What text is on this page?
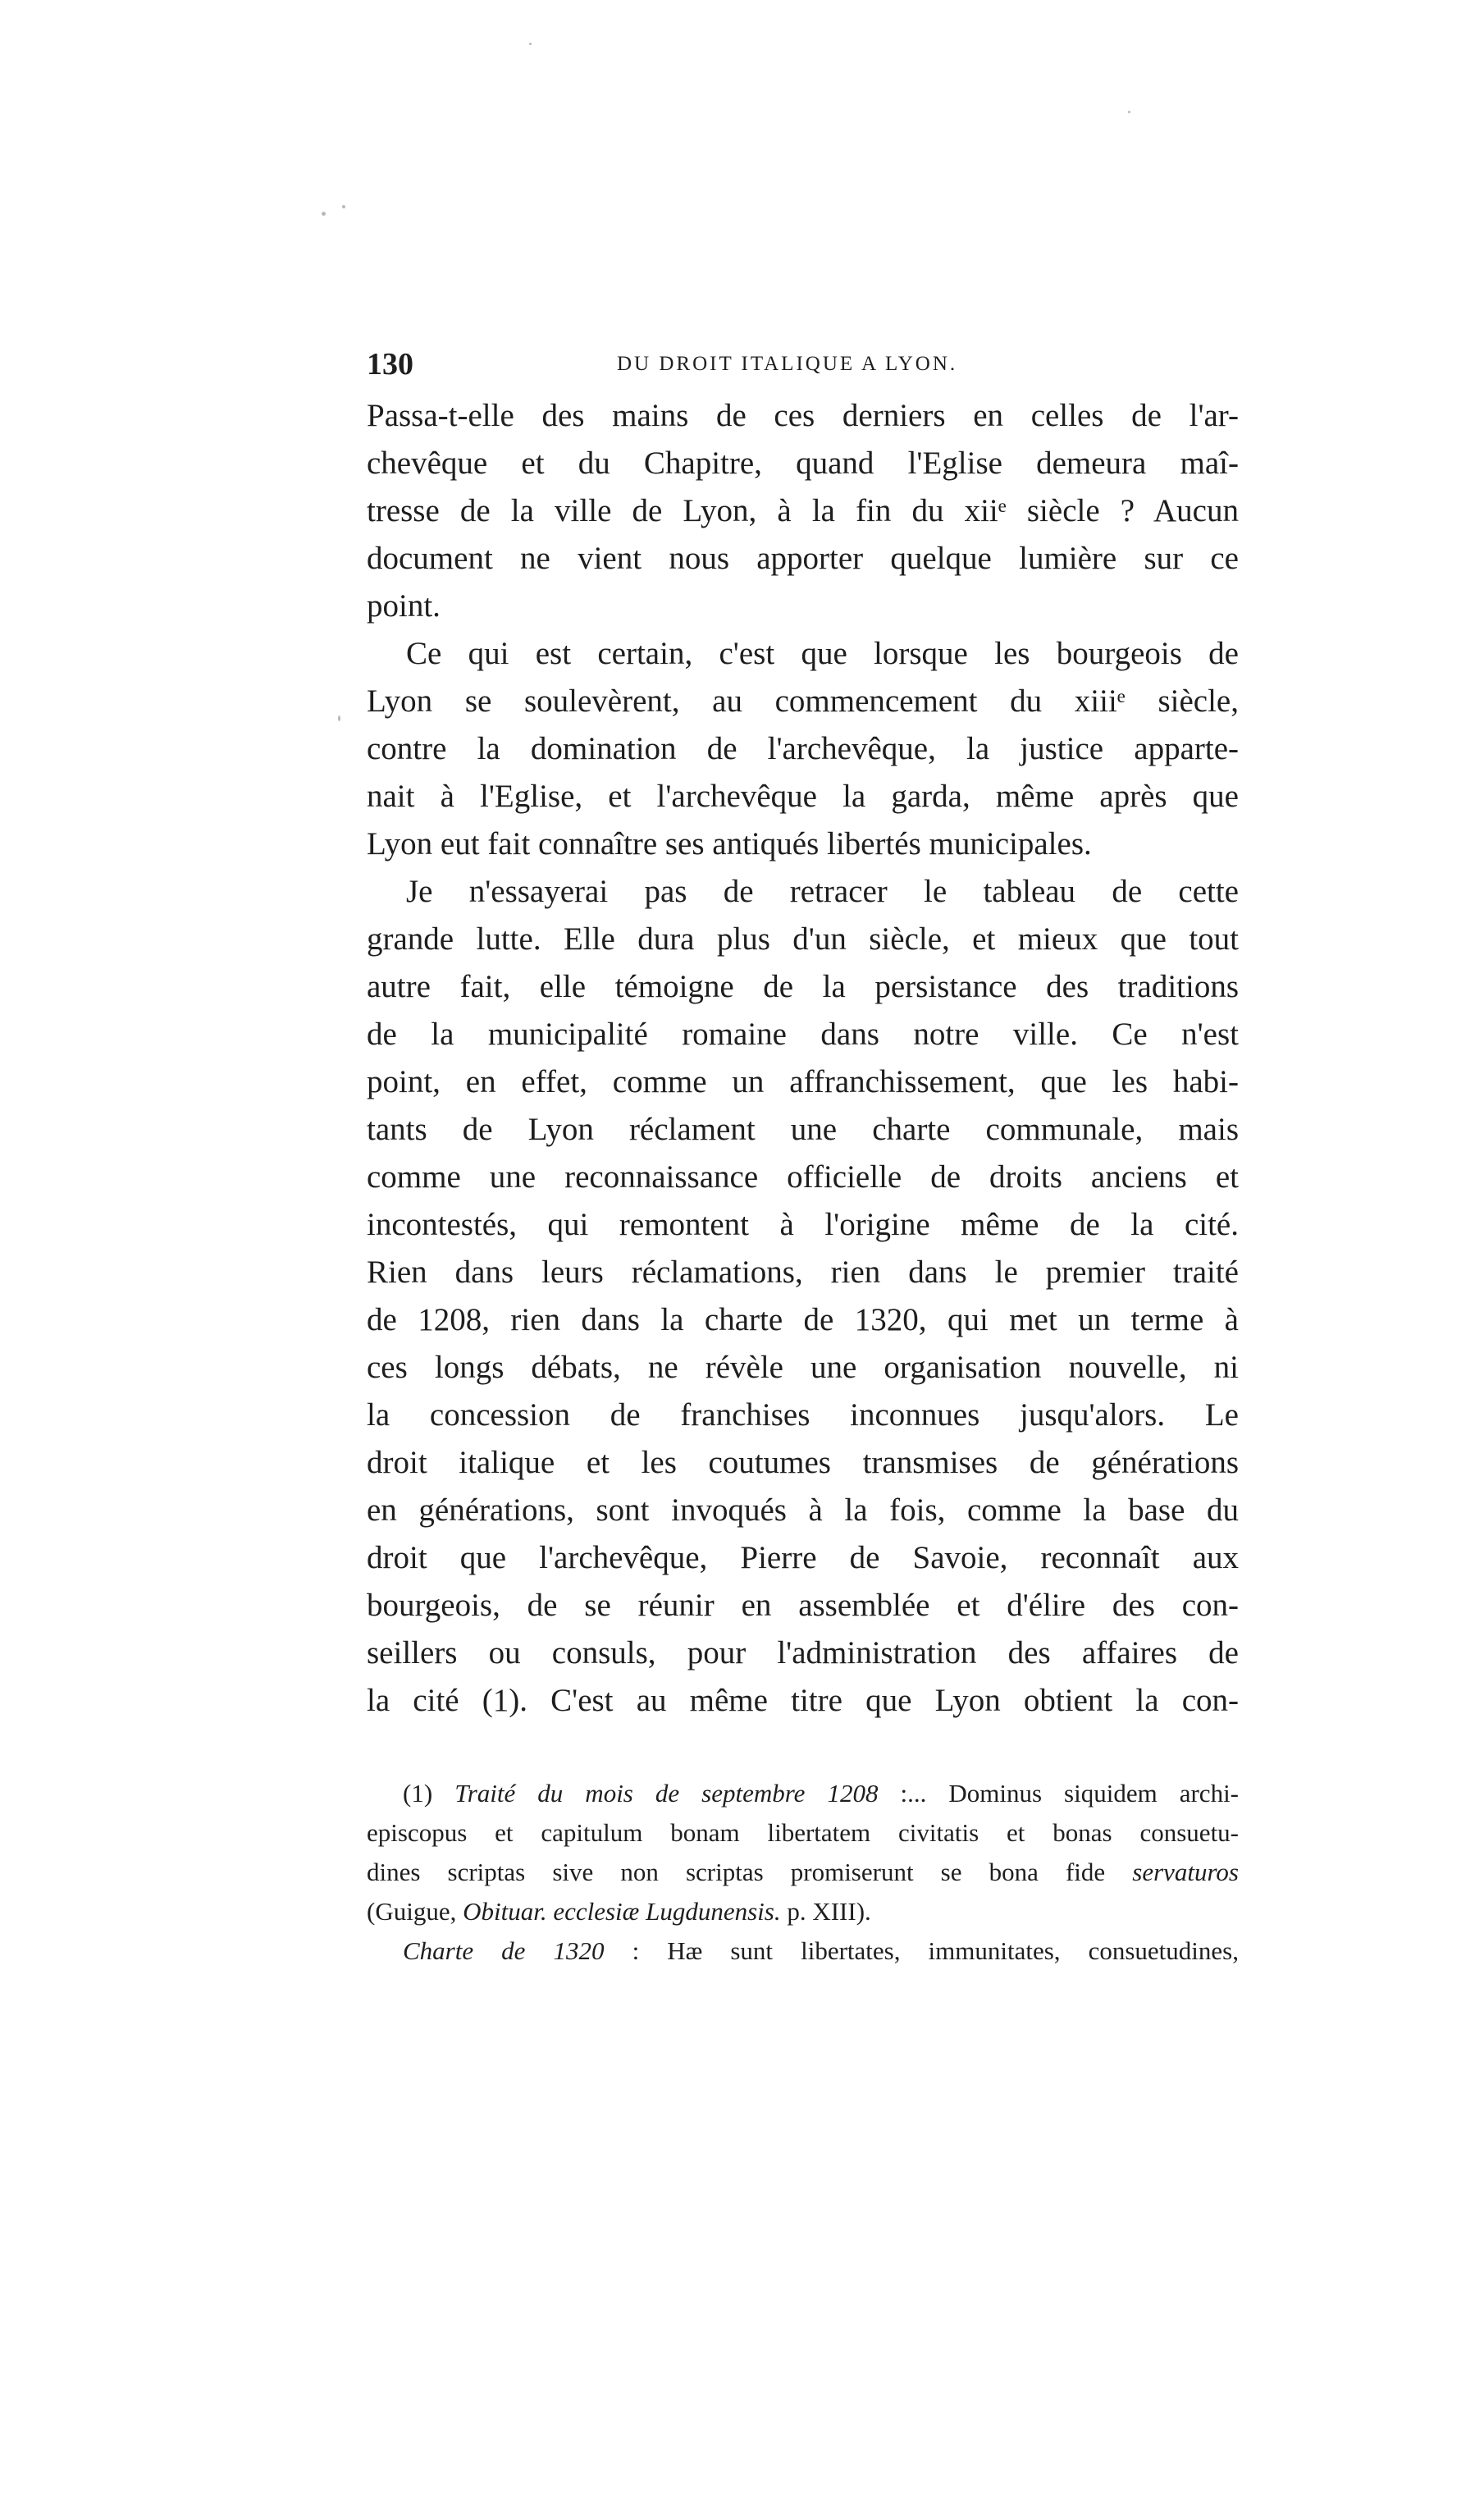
130	DU DROIT ITALIQUE A LYON.
Passa-t-elle des mains de ces derniers en celles de l'ar-
chevêque et du Chapitre, quand l'Eglise demeura maî-
tresse de la ville de Lyon, à la fin du xiiᵉ siècle ? Aucun
document ne vient nous apporter quelque lumière sur ce
point.
Ce qui est certain, c'est que lorsque les bourgeois de
Lyon se soulevèrent, au commencement du xiiiᵉ siècle,
contre la domination de l'archevêque, la justice apparte-
nait à l'Eglise, et l'archevêque la garda, même après que
Lyon eut fait connaître ses antiqués libertés municipales.
Je n'essayerai pas de retracer le tableau de cette
grande lutte. Elle dura plus d'un siècle, et mieux que tout
autre fait, elle témoigne de la persistance des traditions
de la municipalité romaine dans notre ville. Ce n'est
point, en effet, comme un affranchissement, que les habi-
tants de Lyon réclament une charte communale, mais
comme une reconnaissance officielle de droits anciens et
incontestés, qui remontent à l'origine même de la cité.
Rien dans leurs réclamations, rien dans le premier traité
de 1208, rien dans la charte de 1320, qui met un terme à
ces longs débats, ne révèle une organisation nouvelle, ni
la concession de franchises inconnues jusqu'alors. Le
droit italique et les coutumes transmises de générations
en générations, sont invoqués à la fois, comme la base du
droit que l'archevêque, Pierre de Savoie, reconnaît aux
bourgeois, de se réunir en assemblée et d'élire des con-
seillers ou consuls, pour l'administration des affaires de
la cité (1). C'est au même titre que Lyon obtient la con-
(1) Traité du mois de septembre 1208 :... Dominus siquidem archi-
episcopus et capitulum bonam libertatem civitatis et bonas consuetu-
dines scriptas sive non scriptas promiserunt se bona fide servaturos
(Guigue, Obituar. ecclesiæ Lugdunensis. p. XIII).
Charte de 1320 : Hæ sunt libertates, immunitates, consuetudines,
